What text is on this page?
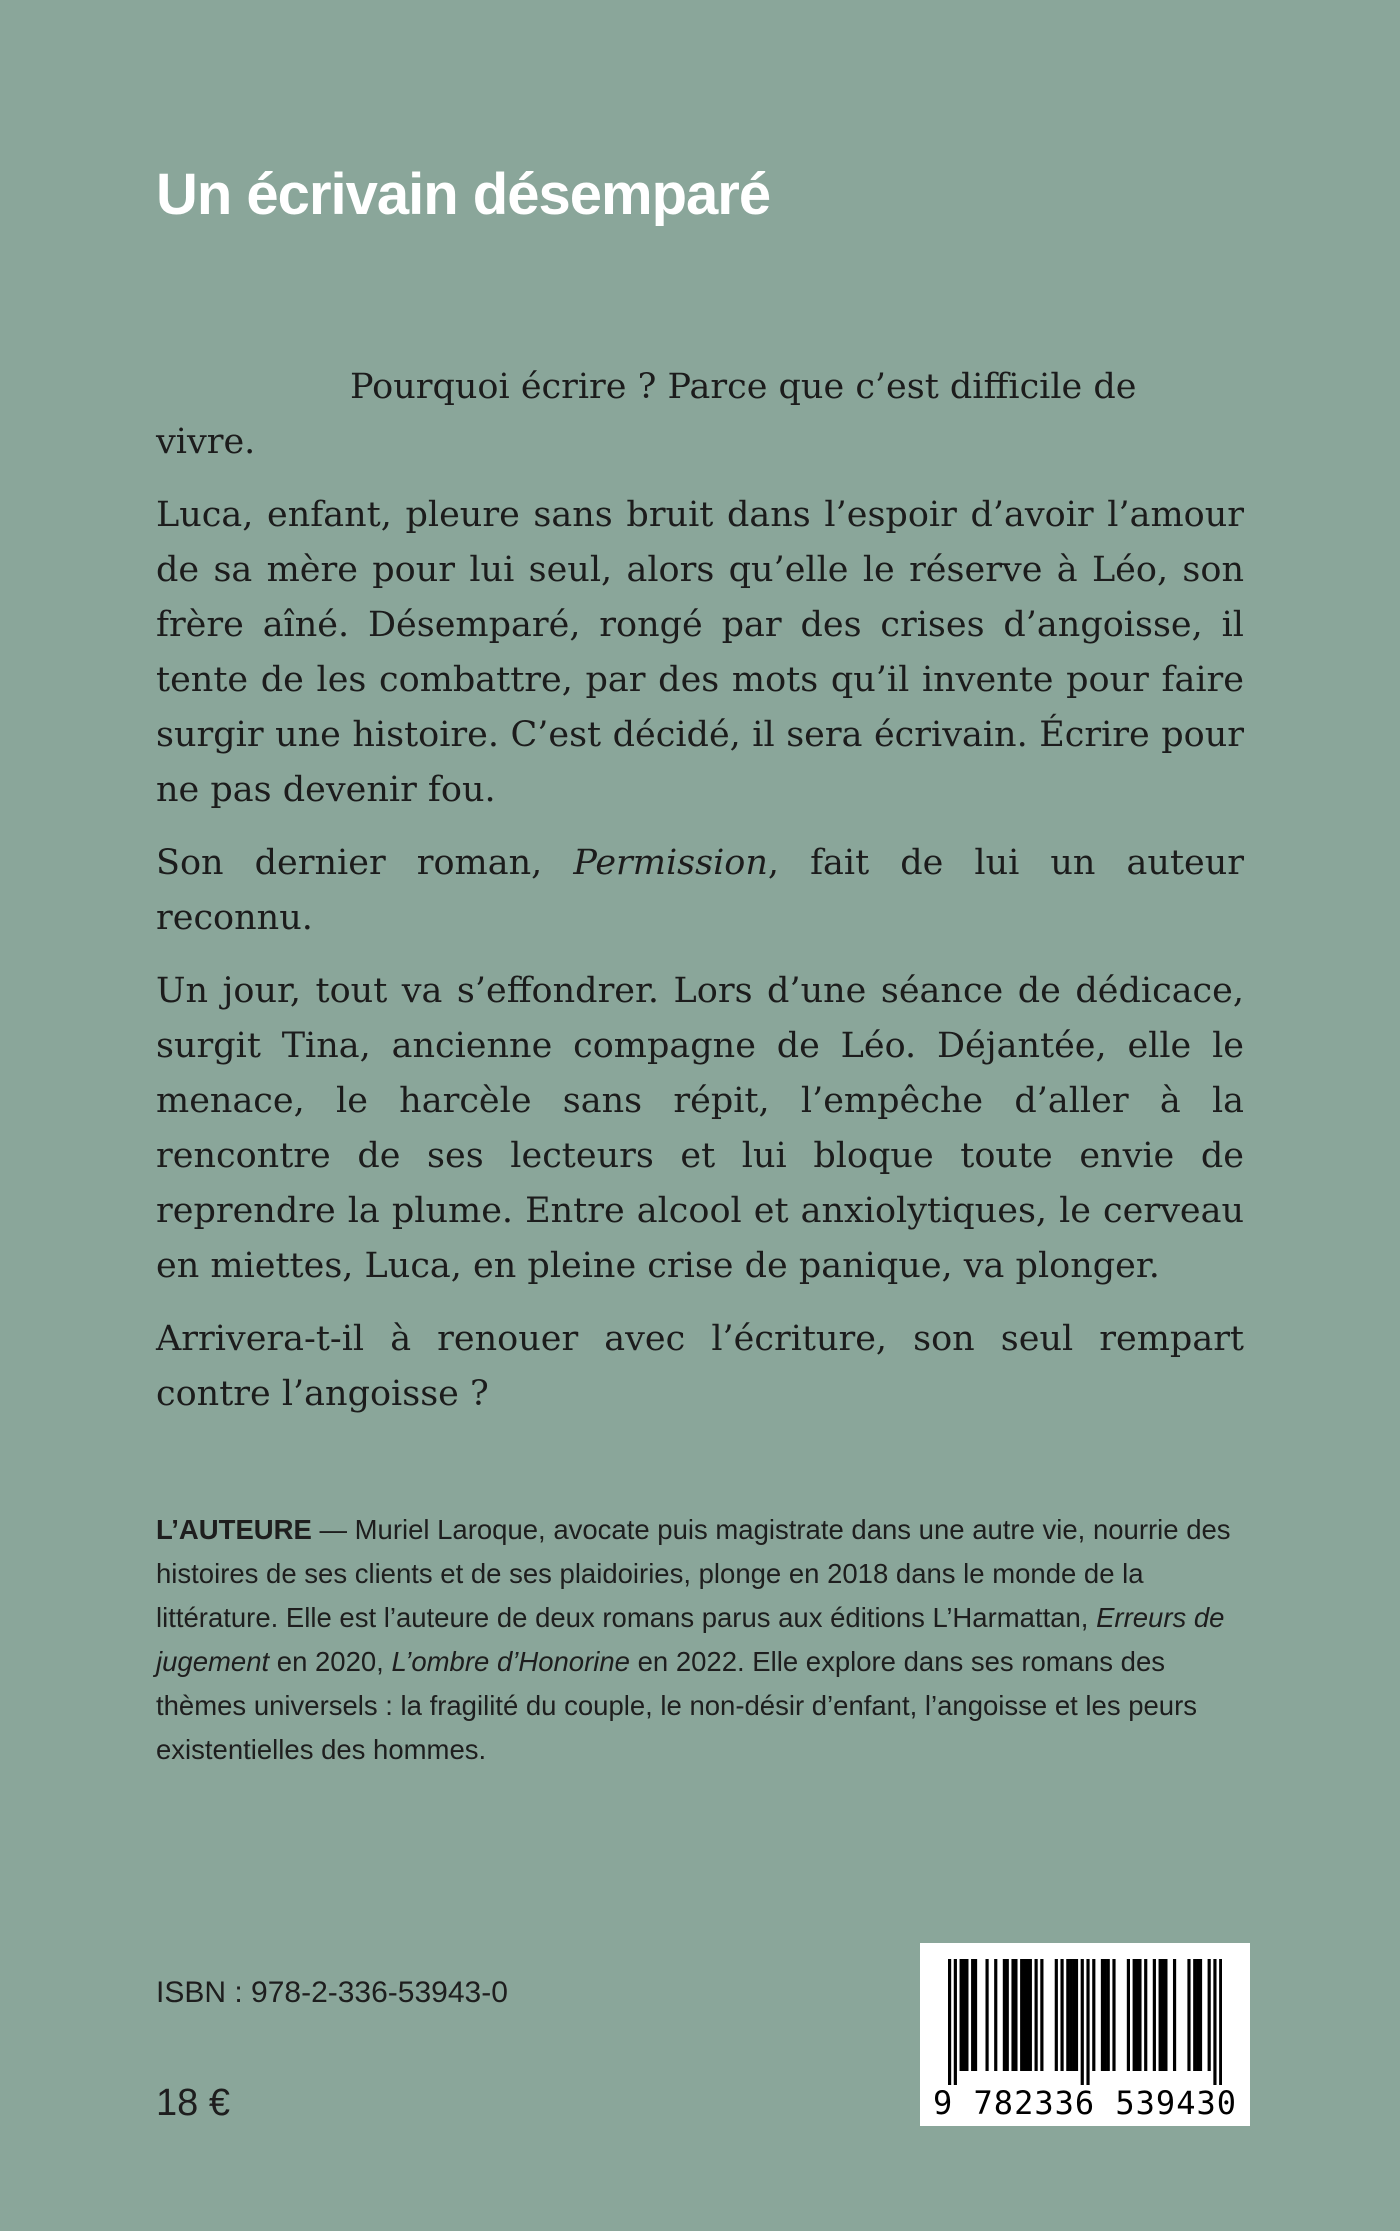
Un écrivain désemparé

Pourquoi écrire ? Parce que c’est difficile de vivre.

Luca, enfant, pleure sans bruit dans l’espoir d’avoir l’amour de sa mère pour lui seul, alors qu’elle le réserve à Léo, son frère aîné. Désemparé, rongé par des crises d’angoisse, il tente de les combattre, par des mots qu’il invente pour faire surgir une histoire. C’est décidé, il sera écrivain. Écrire pour ne pas devenir fou.

Son dernier roman, Permission, fait de lui un auteur reconnu.

Un jour, tout va s’effondrer. Lors d’une séance de dédicace, surgit Tina, ancienne compagne de Léo. Déjantée, elle le menace, le harcèle sans répit, l’empêche d’aller à la rencontre de ses lecteurs et lui bloque toute envie de reprendre la plume. Entre alcool et anxiolytiques, le cerveau en miettes, Luca, en pleine crise de panique, va plonger.

Arrivera-t-il à renouer avec l’écriture, son seul rempart contre l’angoisse ?

L’AUTEURE — Muriel Laroque, avocate puis magistrate dans une autre vie, nourrie des histoires de ses clients et de ses plaidoiries, plonge en 2018 dans le monde de la littérature. Elle est l’auteure de deux romans parus aux éditions L’Harmattan, Erreurs de jugement en 2020, L’ombre d’Honorine en 2022. Elle explore dans ses romans des thèmes universels : la fragilité du couple, le non-désir d’enfant, l’angoisse et les peurs existentielles des hommes.

ISBN : 978-2-336-53943-0
18 €	9 782336 539430
